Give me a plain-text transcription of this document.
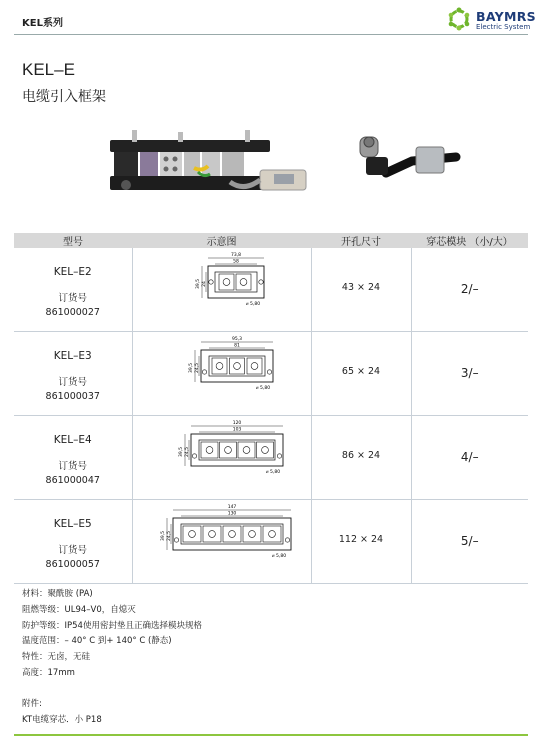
KEL系列	BAYMRS
Electric System
KEL–E
电缆引入框架
型号	示意图	开孔尺寸	穿芯模块 （小/大）

KEL–E2
订货号
861000027	73,8
58
39,5 24
⌀ 5,80	43 × 24	2/–

KEL–E3
订货号
861000037	95,3
81
39,5 24,5
⌀ 5,80	65 × 24	3/–

KEL–E4
订货号
861000047	120
103
39,5 24,5
⌀ 5,80	86 × 24	4/–

KEL–E5
订货号
861000057	147
130
39,5 24,5
⌀ 5,80	112 × 24	5/–
材料：聚酰胺 (PA)
阻燃等级：UL94–V0，自熄灭
防护等级：IP54使用密封垫且正确选择模块规格
温度范围：– 40° C 到+ 140° C (静态)
特性：无卤，无硅
高度：17mm
附件:
KT电缆穿芯．小 P18
